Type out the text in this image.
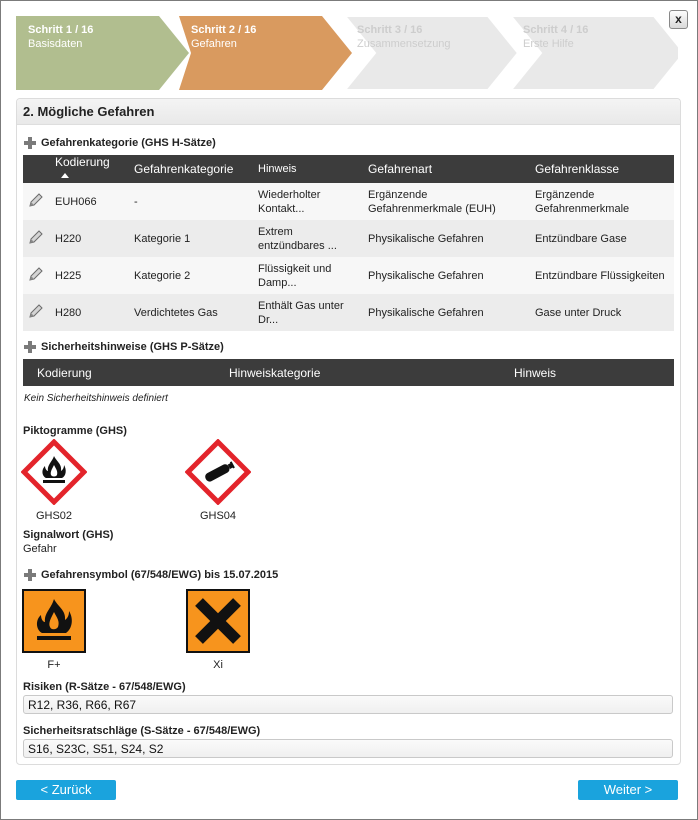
x
Schritt 1 / 16
Basisdaten
Schritt 2 / 16
Gefahren
Schritt 3 / 16
Zusammensetzung
Schritt 4 / 16
Erste Hilfe
2. Mögliche Gefahren
Gefahrenkategorie (GHS H-Sätze)
	Kodierung	Gefahrenkategorie	Hinweis	Gefahrenart	Gefahrenklasse
	EUH066	-	Wiederholter Kontakt...	Ergänzende Gefahrenmerkmale (EUH)	Ergänzende Gefahrenmerkmale
	H220	Kategorie 1	Extrem entzündbares ...	Physikalische Gefahren	Entzündbare Gase
	H225	Kategorie 2	Flüssigkeit und Damp...	Physikalische Gefahren	Entzündbare Flüssigkeiten
	H280	Verdichtetes Gas	Enthält Gas unter Dr...	Physikalische Gefahren	Gase unter Druck
Sicherheitshinweise (GHS P-Sätze)
Kodierung	Hinweiskategorie	Hinweis
Kein Sicherheitshinweis definiert
Piktogramme (GHS)
GHS02	GHS04
Signalwort (GHS)
Gefahr
Gefahrensymbol (67/548/EWG) bis 15.07.2015
F+	Xi
Risiken (R-Sätze - 67/548/EWG)
R12, R36, R66, R67
Sicherheitsratschläge (S-Sätze - 67/548/EWG)
S16, S23C, S51, S24, S2
< Zurück	Weiter >
